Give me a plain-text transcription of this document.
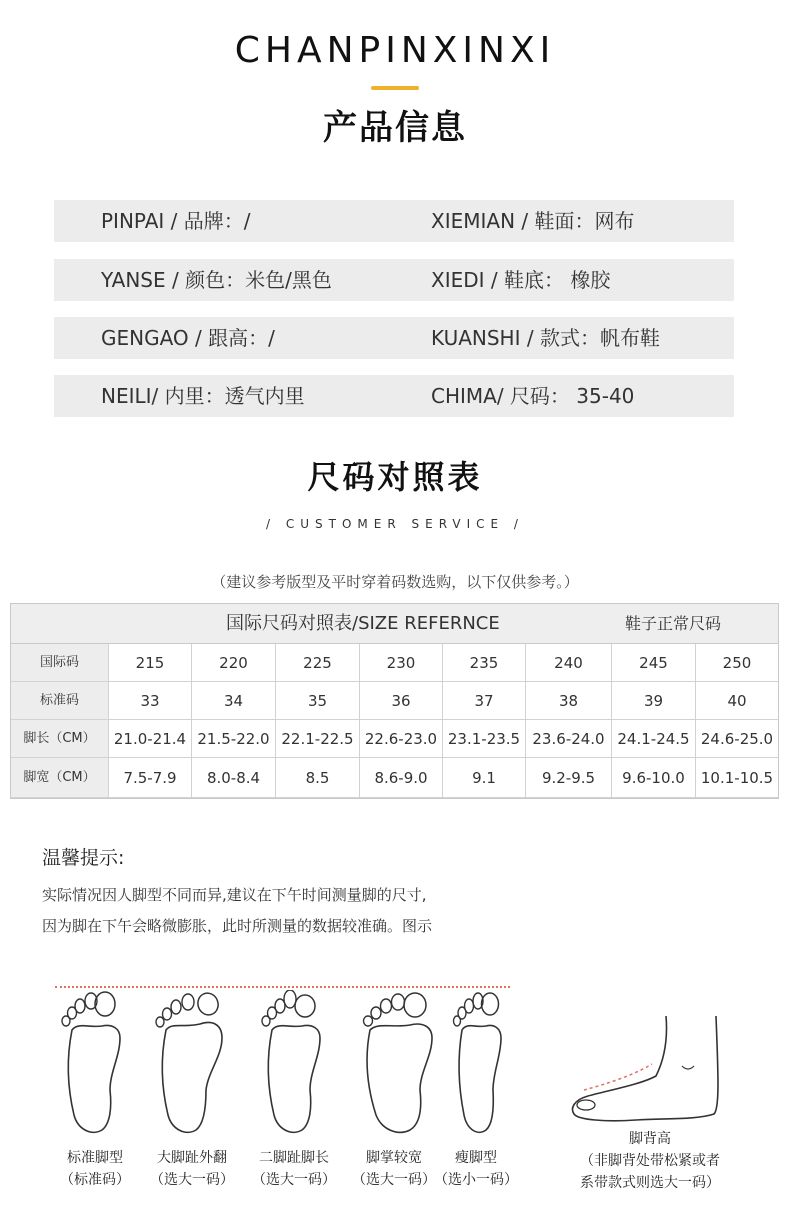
CHANPINXINXI
产品信息
PINPAI / 品牌：/	XIEMIAN / 鞋面：网布
YANSE / 颜色：米色/黑色	XIEDI / 鞋底： 橡胶
GENGAO / 跟高：/	KUANSHI / 款式：帆布鞋
NEILI/ 内里：透气内里	CHIMA/ 尺码： 35-40
尺码对照表
/ CUSTOMER SERVICE /
（建议参考版型及平时穿着码数选购，以下仅供参考。）
国际尺码对照表/SIZE REFERNCE	鞋子正常尺码
国际码	215	220	225	230	235	240	245	250
标准码	33	34	35	36	37	38	39	40
脚长（CM）	21.0-21.4 21.5-22.0 22.1-22.5 22.6-23.0 23.1-23.5 23.6-24.0 24.1-24.5 24.6-25.0
脚宽（CM）	7.5-7.9	8.0-8.4	8.5	8.6-9.0	9.1	9.2-9.5	9.6-10.0	10.1-10.5
温馨提示:
实际情况因人脚型不同而异,建议在下午时间测量脚的尺寸,
因为脚在下午会略微膨胀，此时所测量的数据较准确。图示
标准脚型
（标准码）
大脚趾外翻
（选大一码）
二脚趾脚长
（选大一码）
脚掌较宽
（选大一码）
瘦脚型
（选小一码）
脚背高
（非脚背处带松紧或者
系带款式则选大一码）
